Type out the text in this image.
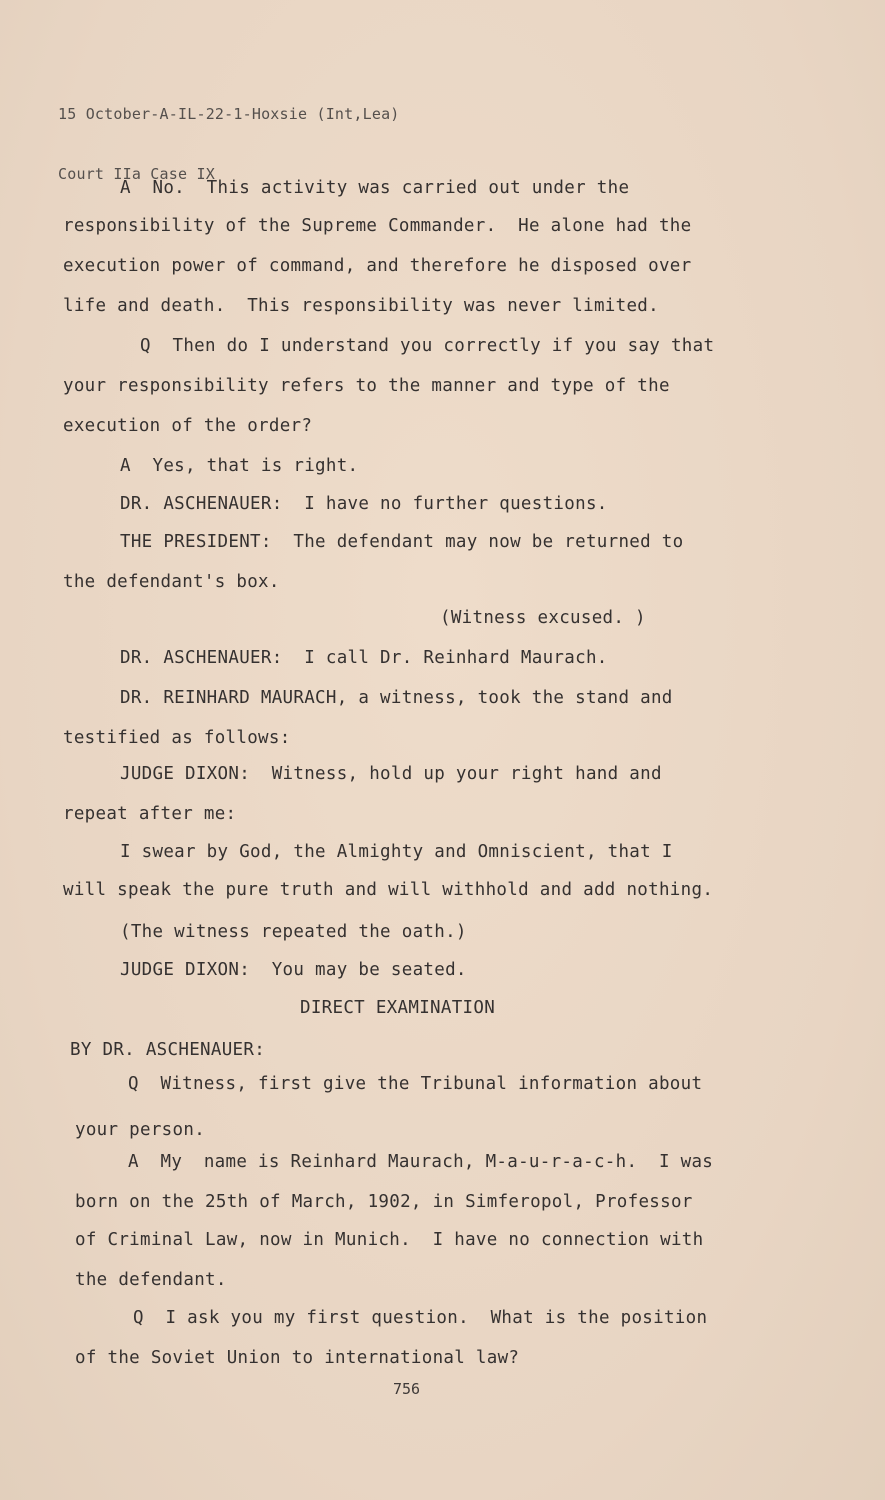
15 October-A-IL-22-1-Hoxsie (Int,Lea)

Court IIa Case IX

A  No.  This activity was carried out under the
responsibility of the Supreme Commander.  He alone had the
execution power of command, and therefore he disposed over
life and death.  This responsibility was never limited.
Q  Then do I understand you correctly if you say that
your responsibility refers to the manner and type of the
execution of the order?
A  Yes, that is right.
DR. ASCHENAUER:  I have no further questions.
THE PRESIDENT:  The defendant may now be returned to
the defendant's box.
(Witness excused. )
DR. ASCHENAUER:  I call Dr. Reinhard Maurach.
DR. REINHARD MAURACH, a witness, took the stand and
testified as follows:
JUDGE DIXON:  Witness, hold up your right hand and
repeat after me:
I swear by God, the Almighty and Omniscient, that I
will speak the pure truth and will withhold and add nothing.
(The witness repeated the oath.)
JUDGE DIXON:  You may be seated.
DIRECT EXAMINATION
BY DR. ASCHENAUER:
Q  Witness, first give the Tribunal information about
your person.
A  My  name is Reinhard Maurach, M-a-u-r-a-c-h.  I was
born on the 25th of March, 1902, in Simferopol, Professor
of Criminal Law, now in Munich.  I have no connection with
the defendant.
Q  I ask you my first question.  What is the position
of the Soviet Union to international law?
756
